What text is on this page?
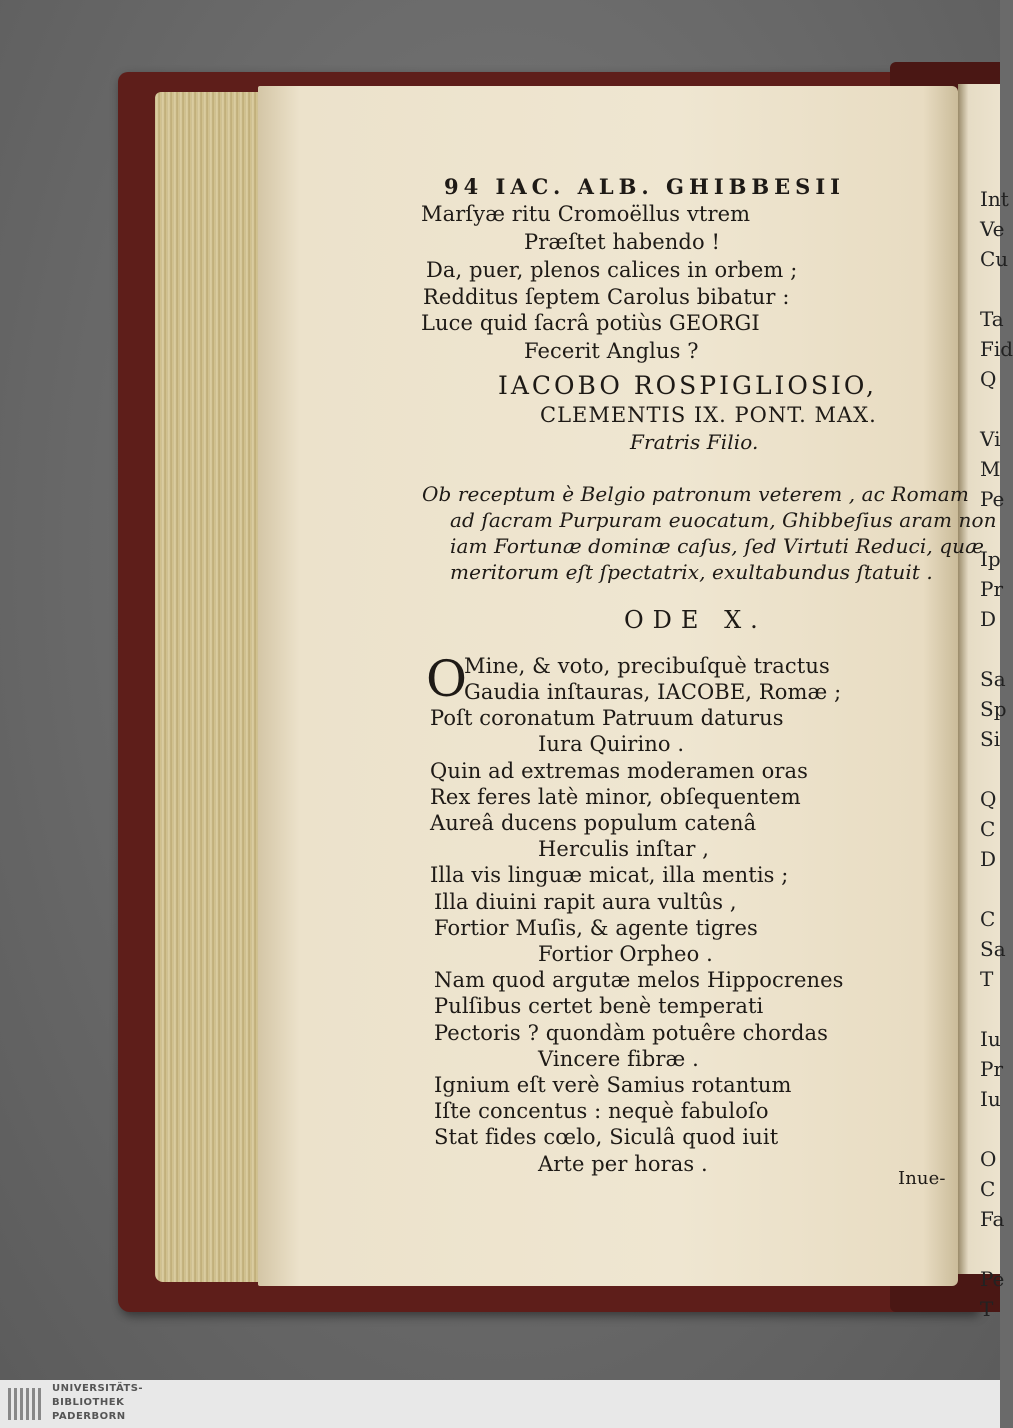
Int
Ve
Cu
Ta
Fid
Q
Vi
M
Pe
Ip
Pr
D
Sa
Sp
Si
Q
C
D
C
Sa
T
Iu
Pr
Iu
O
C
Fa
Pe
T
94 IAC. ALB. GHIBBESII
Marſyæ ritu Cromoëllus vtrem
Præſtet habendo !
Da, puer, plenos calices in orbem ;
Redditus ſeptem Carolus bibatur :
Luce quid ſacrâ potiùs GEORGI
Fecerit Anglus ?
IACOBO ROSPIGLIOSIO,
CLEMENTIS IX. PONT. MAX.
Fratris Filio.
Ob receptum è Belgio patronum veterem , ac Romam
ad ſacram Purpuram euocatum, Ghibbeſius aram non
iam Fortunæ dominæ caſus, ſed Virtuti Reduci, quæ
meritorum eſt ſpectatrix, exultabundus ſtatuit .
ODE X.
O
Mine, & voto, precibuſquè tractus
Gaudia inſtauras, IACOBE, Romæ ;
Poſt coronatum Patruum daturus
Iura Quirino .
Quin ad extremas moderamen oras
Rex feres latè minor, obſequentem
Aureâ ducens populum catenâ
Herculis inſtar ,
Illa vis linguæ micat, illa mentis ;
Illa diuini rapit aura vultûs ,
Fortior Muſis, & agente tigres
Fortior Orpheo .
Nam quod argutæ melos Hippocrenes
Pulſibus certet benè temperati
Pectoris ? quondàm potuêre chordas
Vincere fibræ .
Ignium eſt verè Samius rotantum
Iſte concentus : nequè fabuloſo
Stat fides cœlo, Siculâ quod iuit
Arte per horas .
Inue-
UNIVERSITÄTS-
BIBLIOTHEK
PADERBORN
